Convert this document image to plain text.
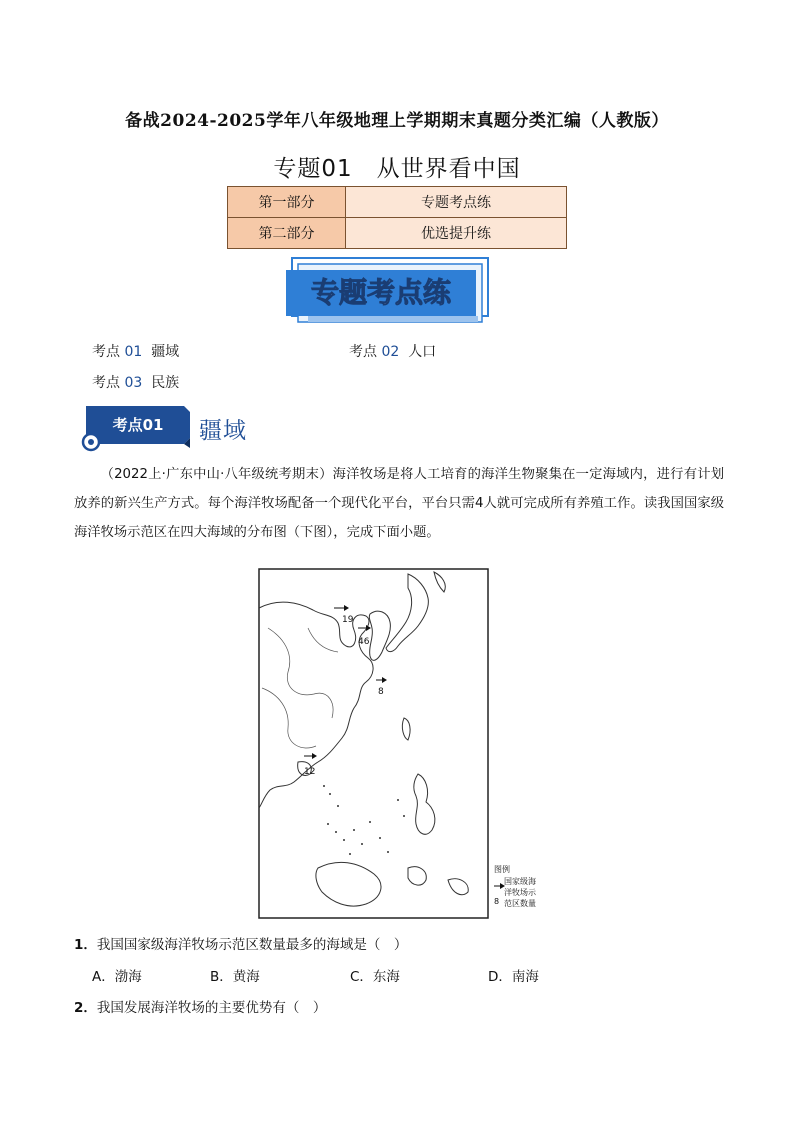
备战2024-2025学年八年级地理上学期期末真题分类汇编（人教版）
专题01　从世界看中国
第一部分	专题考点练
第二部分	优选提升练
专题考点练
考点 01 疆域	考点 02 人口
考点 03 民族
考点01 疆域
（2022上·广东中山·八年级统考期末）海洋牧场是将人工培育的海洋生物聚集在一定海域内，进行有计划放养的新兴生产方式。每个海洋牧场配备一个现代化平台，平台只需4人就可完成所有养殖工作。读我国国家级海洋牧场示范区在四大海域的分布图（下图），完成下面小题。
19
46
8
12
图例
8
国家级海
洋牧场示
范区数量
1．我国国家级海洋牧场示范区数量最多的海域是（　）
A．渤海	B．黄海	C．东海	D．南海
2．我国发展海洋牧场的主要优势有（　）
